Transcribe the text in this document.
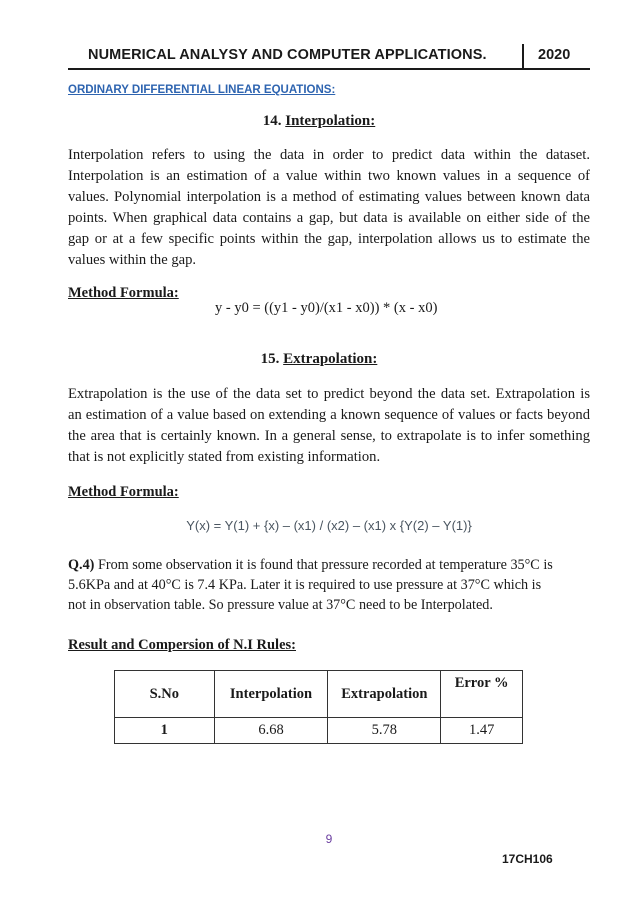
NUMERICAL ANALYSY AND COMPUTER APPLICATIONS.	2020
ORDINARY DIFFERENTIAL LINEAR EQUATIONS:
14. Interpolation:
Interpolation refers to using the data in order to predict data within the dataset.
Interpolation is an estimation of a value within two known values in a sequence of
values. Polynomial interpolation is a method of estimating values between known data
points. When graphical data contains a gap, but data is available on either side of the
gap or at a few specific points within the gap, interpolation allows us to estimate the
values within the gap.
Method Formula:
y - y0 = ((y1 - y0)/(x1 - x0)) * (x - x0)
15. Extrapolation:
Extrapolation is the use of the data set to predict beyond the data set. Extrapolation is
an estimation of a value based on extending a known sequence of values or facts beyond
the area that is certainly known. In a general sense, to extrapolate is to infer something
that is not explicitly stated from existing information.
Method Formula:
Y(x) = Y(1) + {x) – (x1) / (x2) – (x1) x {Y(2) – Y(1)}
Q.4) From some observation it is found that pressure recorded at temperature 35°C is
5.6KPa and at 40°C is 7.4 KPa. Later it is required to use pressure at 37°C which is
not in observation table. So pressure value at 37°C need to be Interpolated.
Result and Compersion of N.I Rules:
S.No	Interpolation	Extrapolation	Error %
1	6.68	5.78	1.47
9
17CH106
